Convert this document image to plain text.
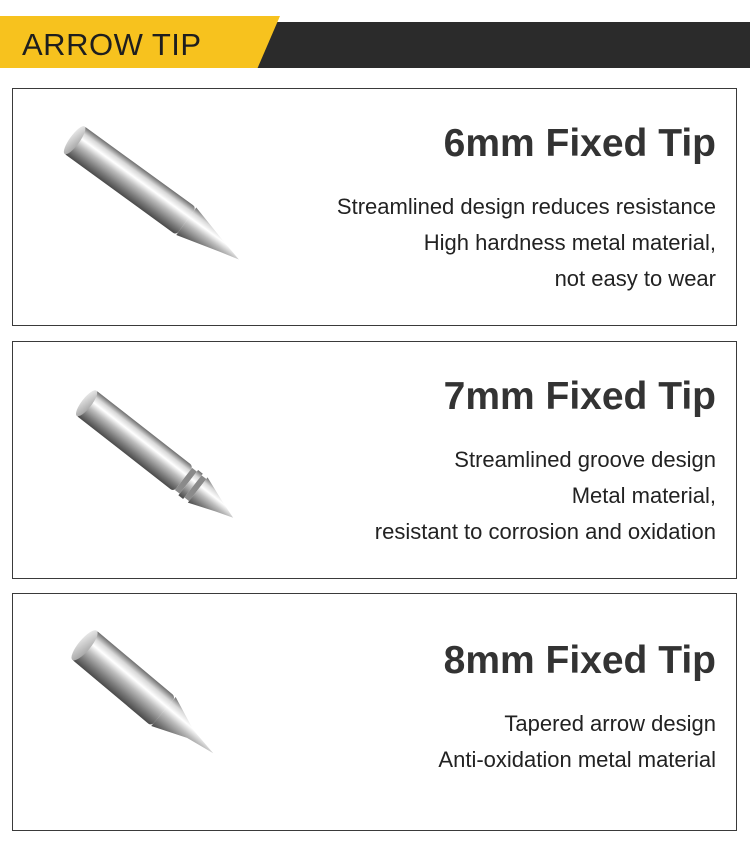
ARROW TIP
6mm Fixed Tip

Streamlined design reduces resistance

High hardness metal material,

not easy to wear

7mm Fixed Tip

Streamlined groove design

Metal material,

resistant to corrosion and oxidation

8mm Fixed Tip

Tapered arrow design

Anti-oxidation metal material
